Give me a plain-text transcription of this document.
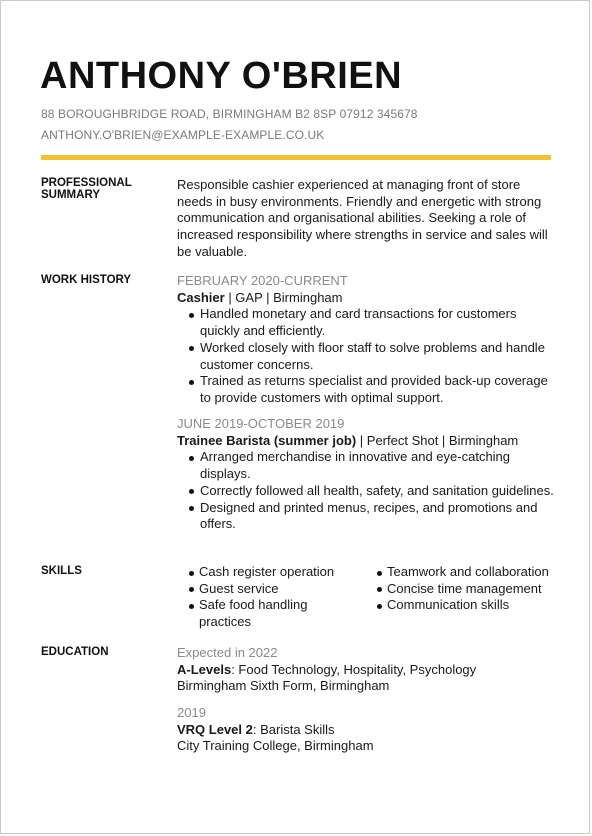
ANTHONY O'BRIEN
88 BOROUGHBRIDGE ROAD, BIRMINGHAM B2 8SP 07912 345678
ANTHONY.O'BRIEN@EXAMPLE-EXAMPLE.CO.UK
PROFESSIONAL
SUMMARY
Responsible cashier experienced at managing front of store needs in busy environments. Friendly and energetic with strong communication and organisational abilities. Seeking a role of increased responsibility where strengths in service and sales will be valuable.
WORK HISTORY	FEBRUARY 2020-CURRENT
Cashier | GAP | Birmingham
Handled monetary and card transactions for customers quickly and efficiently.
Worked closely with floor staff to solve problems and handle customer concerns.
Trained as returns specialist and provided back-up coverage to provide customers with optimal support.
JUNE 2019-OCTOBER 2019
Trainee Barista (summer job) | Perfect Shot | Birmingham
Arranged merchandise in innovative and eye-catching displays.
Correctly followed all health, safety, and sanitation guidelines.
Designed and printed menus, recipes, and promotions and offers.
SKILLS	Cash register operation
Guest service
Safe food handling practices
Teamwork and collaboration
Concise time management
Communication skills
EDUCATION	Expected in 2022
A-Levels: Food Technology, Hospitality, Psychology
Birmingham Sixth Form, Birmingham
2019
VRQ Level 2: Barista Skills
City Training College, Birmingham
